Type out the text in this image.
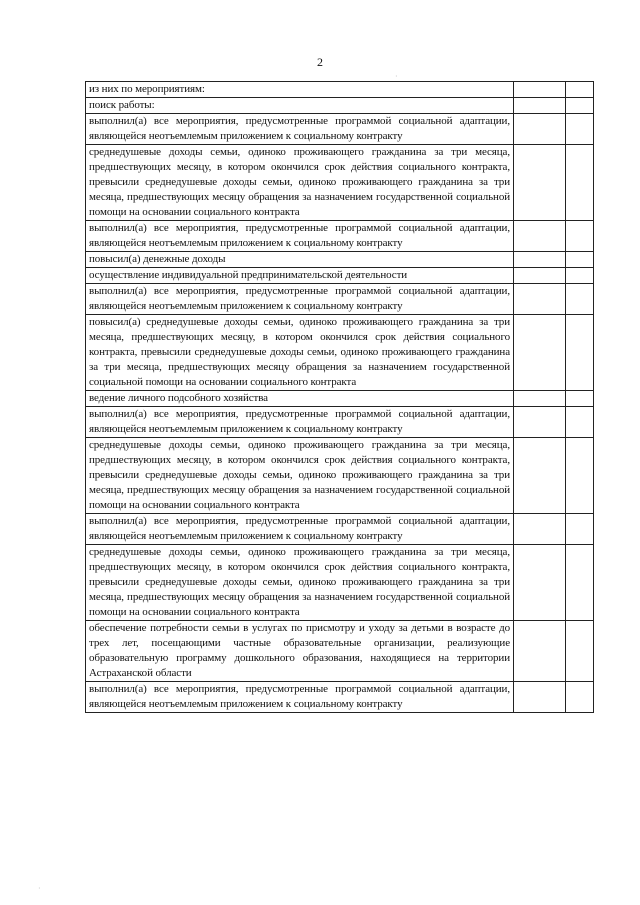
2
из них по мероприятиям:		
поиск работы:		
выполнил(а) все мероприятия, предусмотренные программой социальной адаптации, являющейся неотъемлемым приложением к социальному контракту		
среднедушевые доходы семьи, одиноко проживающего гражданина за три месяца, предшествующих месяцу, в котором окончился срок действия социального контракта, превысили среднедушевые доходы семьи, одиноко проживающего гражданина за три месяца, предшествующих месяцу обращения за назначением государственной социальной помощи на основании социального контракта		
выполнил(а) все мероприятия, предусмотренные программой социальной адаптации, являющейся неотъемлемым приложением к социальному контракту		
повысил(а) денежные доходы		
осуществление индивидуальной предпринимательской деятельности		
выполнил(а) все мероприятия, предусмотренные программой социальной адаптации, являющейся неотъемлемым приложением к социальному контракту		
повысил(а) среднедушевые доходы семьи, одиноко проживающего гражданина за три месяца, предшествующих месяцу, в котором окончился срок действия социального контракта, превысили среднедушевые доходы семьи, одиноко проживающего гражданина за три месяца, предшествующих месяцу обращения за назначением государственной социальной помощи на основании социального контракта		
ведение личного подсобного хозяйства		
выполнил(а) все мероприятия, предусмотренные программой социальной адаптации, являющейся неотъемлемым приложением к социальному контракту		
среднедушевые доходы семьи, одиноко проживающего гражданина за три месяца, предшествующих месяцу, в котором окончился срок действия социального контракта, превысили среднедушевые доходы семьи, одиноко проживающего гражданина за три месяца, предшествующих месяцу обращения за назначением государственной социальной помощи на основании социального контракта		
выполнил(а) все мероприятия, предусмотренные программой социальной адаптации, являющейся неотъемлемым приложением к социальному контракту		
среднедушевые доходы семьи, одиноко проживающего гражданина за три месяца, предшествующих месяцу, в котором окончился срок действия социального контракта, превысили среднедушевые доходы семьи, одиноко проживающего гражданина за три месяца, предшествующих месяцу обращения за назначением государственной социальной помощи на основании социального контракта		
обеспечение потребности семьи в услугах по присмотру и уходу за детьми в возрасте до трех лет, посещающими частные образовательные организации, реализующие образовательную программу дошкольного образования, находящиеся на территории Астраханской области		
выполнил(а) все мероприятия, предусмотренные программой социальной адаптации, являющейся неотъемлемым приложением к социальному контракту		
·
·
